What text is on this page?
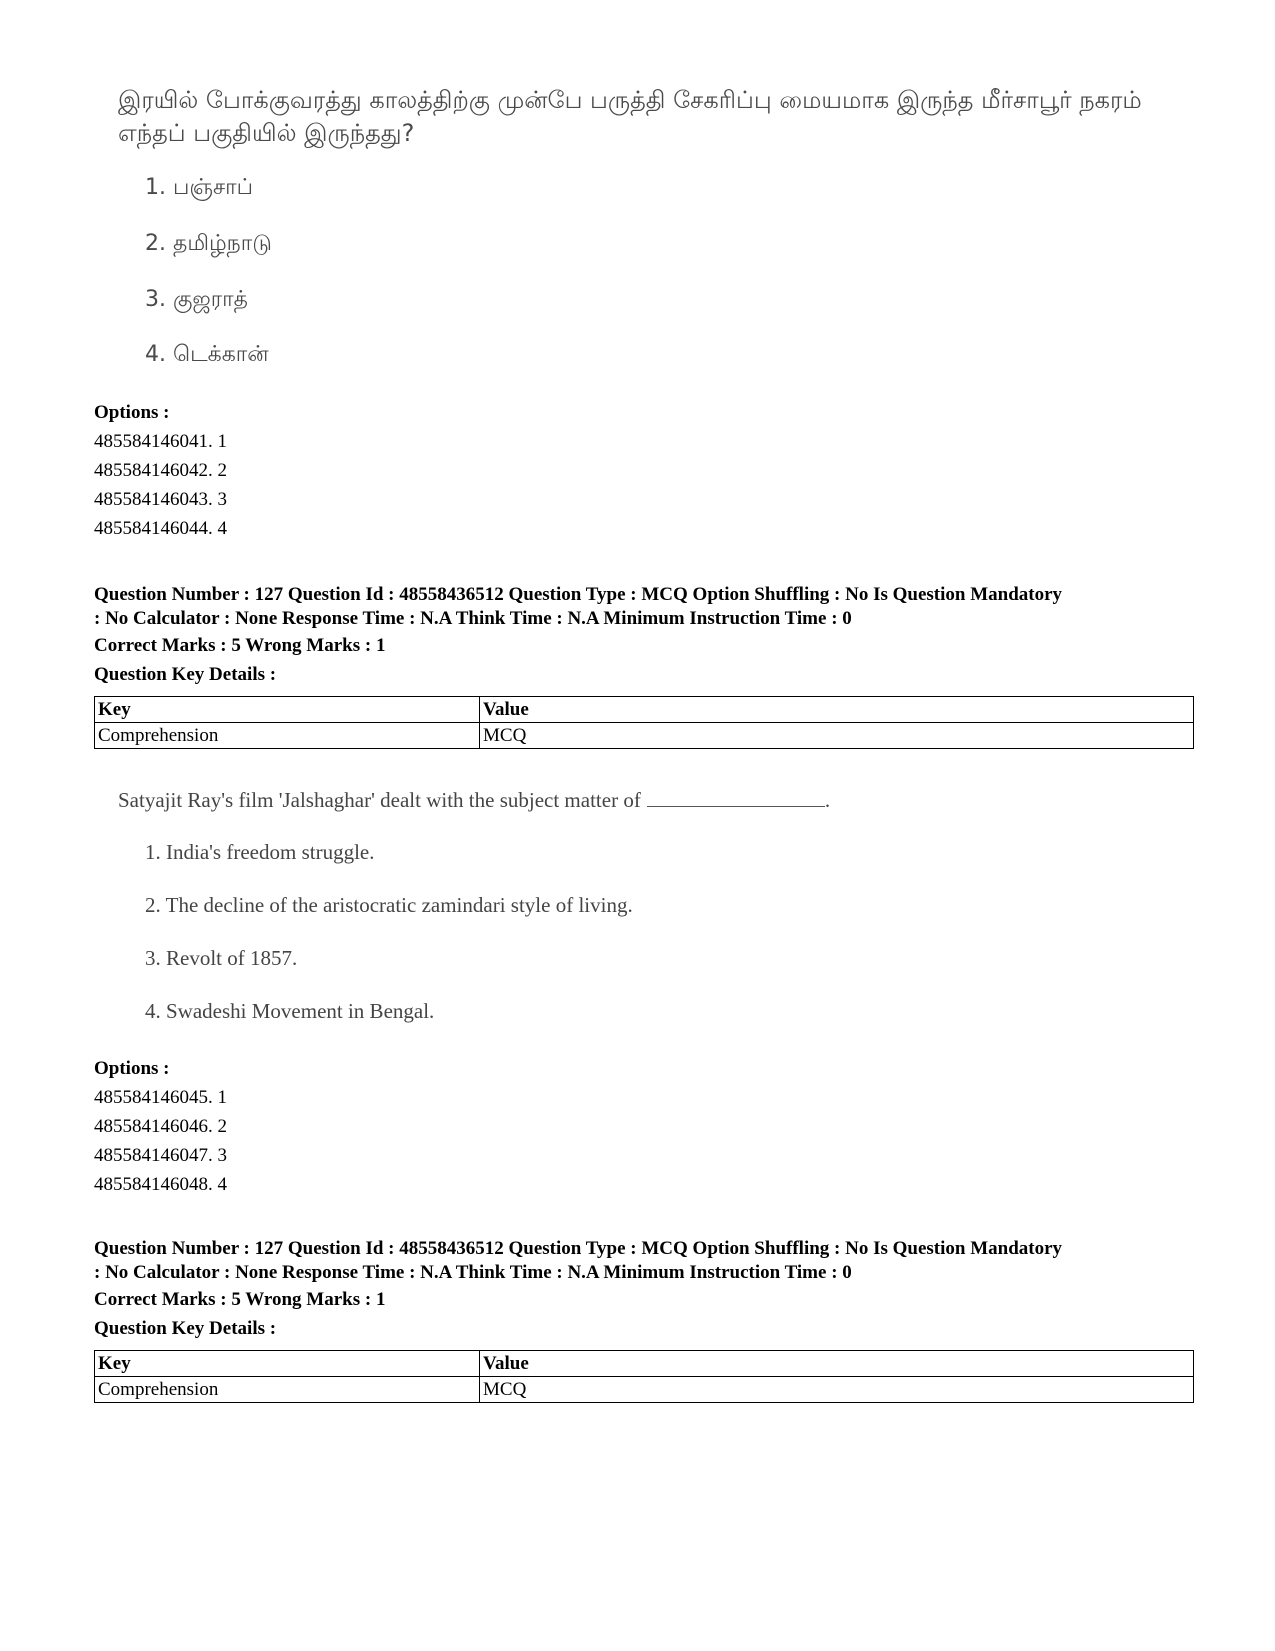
இரயில் போக்குவரத்து காலத்திற்கு முன்பே பருத்தி சேகரிப்பு மையமாக இருந்த மீர்சாபூர் நகரம் எந்தப் பகுதியில் இருந்தது?
1. பஞ்சாப்
2. தமிழ்நாடு
3. குஜராத்
4. டெக்கான்
Options :
485584146041. 1
485584146042. 2
485584146043. 3
485584146044. 4
Question Number : 127 Question Id : 48558436512 Question Type : MCQ Option Shuffling : No Is Question Mandatory
: No Calculator : None Response Time : N.A Think Time : N.A Minimum Instruction Time : 0
Correct Marks : 5 Wrong Marks : 1
Question Key Details :
Key	Value
Comprehension	MCQ
Satyajit Ray's film 'Jalshaghar' dealt with the subject matter of	.
1. India's freedom struggle.
2. The decline of the aristocratic zamindari style of living.
3. Revolt of 1857.
4. Swadeshi Movement in Bengal.
Options :
485584146045. 1
485584146046. 2
485584146047. 3
485584146048. 4
Question Number : 127 Question Id : 48558436512 Question Type : MCQ Option Shuffling : No Is Question Mandatory
: No Calculator : None Response Time : N.A Think Time : N.A Minimum Instruction Time : 0
Correct Marks : 5 Wrong Marks : 1
Question Key Details :
Key	Value
Comprehension	MCQ
